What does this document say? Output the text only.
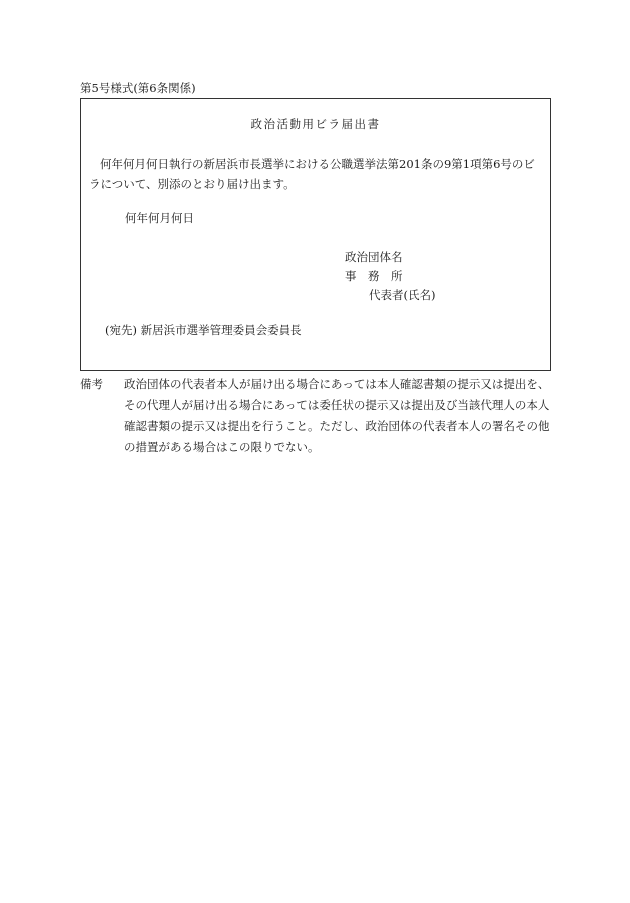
第5号様式(第6条関係)
政治活動用ビラ届出書

何年何月何日執行の新居浜市長選挙における公職選挙法第201条の9第1項第6号のビラについて、別添のとおり届け出ます。

何年何月何日
政治団体名
事　務　所
代表者(氏名)
(宛先) 新居浜市選挙管理委員会委員長
備考	政治団体の代表者本人が届け出る場合にあっては本人確認書類の提示又は提出を、その代理人が届け出る場合にあっては委任状の提示又は提出及び当該代理人の本人確認書類の提示又は提出を行うこと。ただし、政治団体の代表者本人の署名その他の措置がある場合はこの限りでない。
